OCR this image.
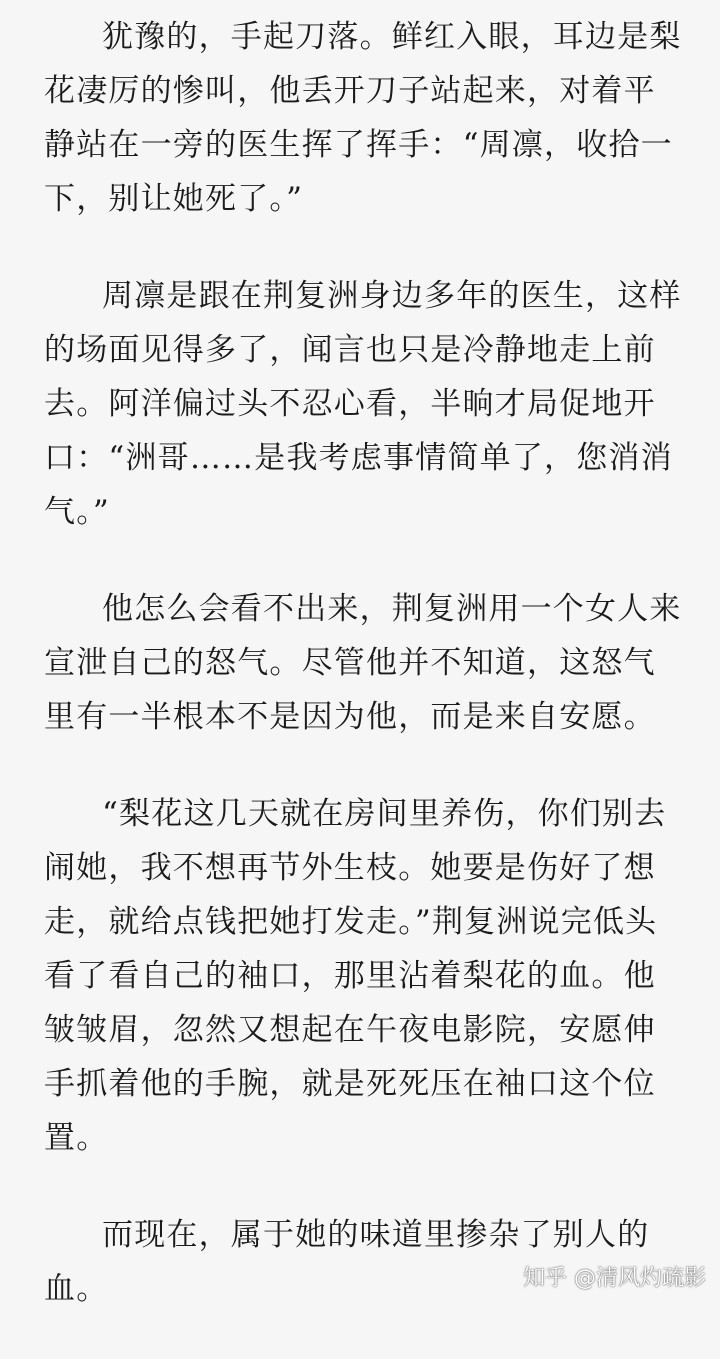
犹豫的，手起刀落。鲜红入眼，耳边是梨
花凄厉的惨叫，他丢开刀子站起来，对着平
静站在一旁的医生挥了挥手：“周凛，收拾一
下，别让她死了。”
周凛是跟在荆复洲身边多年的医生，这样
的场面见得多了，闻言也只是冷静地走上前
去。阿洋偏过头不忍心看，半晌才局促地开
口：“洲哥……是我考虑事情简单了，您消消
气。”
他怎么会看不出来，荆复洲用一个女人来
宣泄自己的怒气。尽管他并不知道，这怒气
里有一半根本不是因为他，而是来自安愿。
“梨花这几天就在房间里养伤，你们别去
闹她，我不想再节外生枝。她要是伤好了想
走，就给点钱把她打发走。”荆复洲说完低头
看了看自己的袖口，那里沾着梨花的血。他
皱皱眉，忽然又想起在午夜电影院，安愿伸
手抓着他的手腕，就是死死压在袖口这个位
置。
而现在，属于她的味道里掺杂了别人的
血。	知乎 @清风灼疏影
